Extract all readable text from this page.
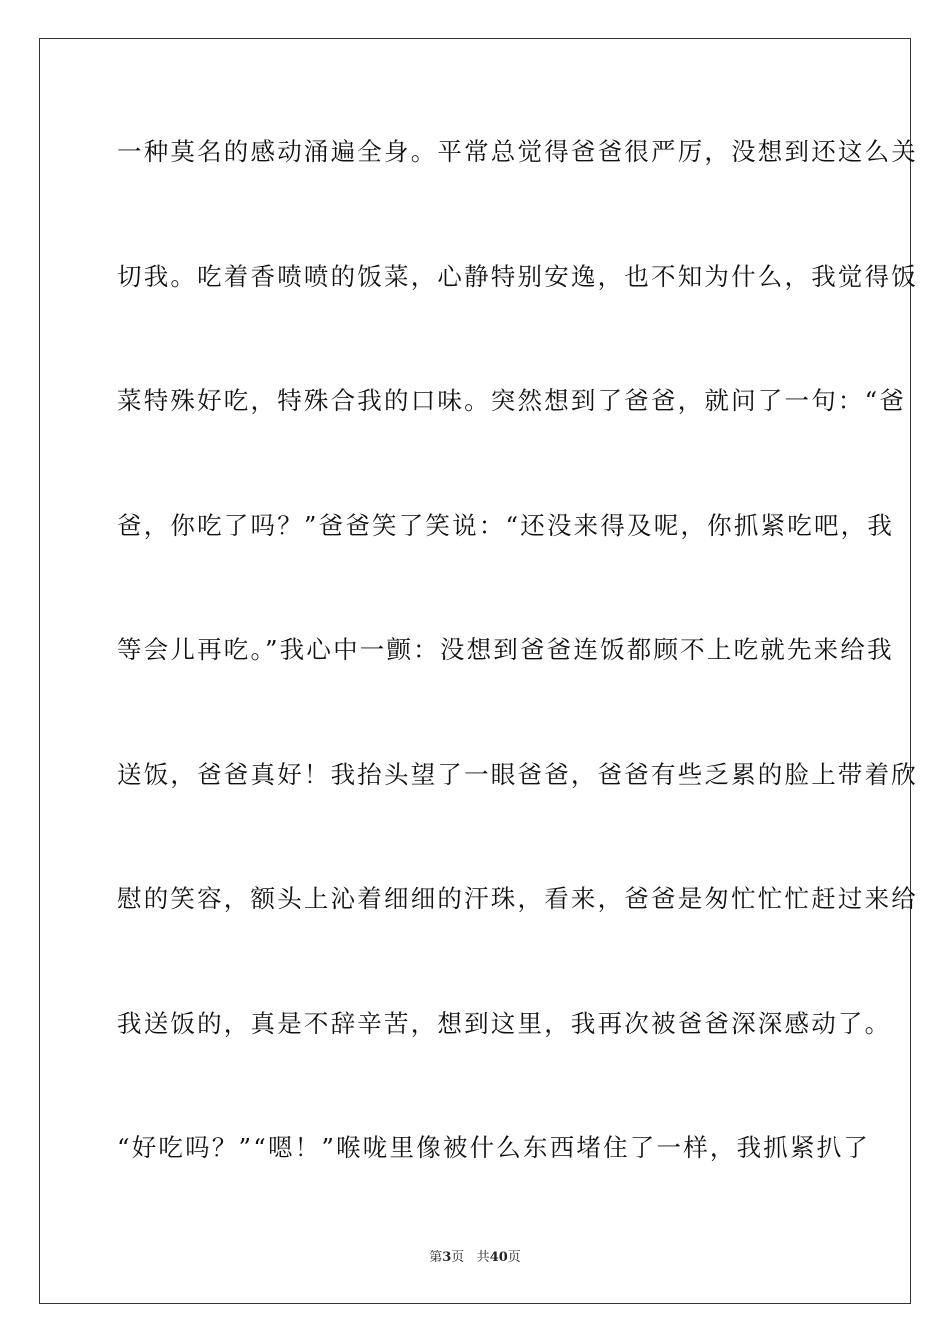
一种莫名的感动涌遍全身。平常总觉得爸爸很严厉，没想到还这么关
切我。吃着香喷喷的饭菜，心静特别安逸，也不知为什么，我觉得饭
菜特殊好吃，特殊合我的口味。突然想到了爸爸，就问了一句：“爸
爸，你吃了吗？”爸爸笑了笑说：“还没来得及呢，你抓紧吃吧，我
等会儿再吃。”我心中一颤：没想到爸爸连饭都顾不上吃就先来给我
送饭，爸爸真好！我抬头望了一眼爸爸，爸爸有些乏累的脸上带着欣
慰的笑容，额头上沁着细细的汗珠，看来，爸爸是匆忙忙忙赶过来给
我送饭的，真是不辞辛苦，想到这里，我再次被爸爸深深感动了。
“好吃吗？”“嗯！”喉咙里像被什么东西堵住了一样，我抓紧扒了
第3页 共40页
